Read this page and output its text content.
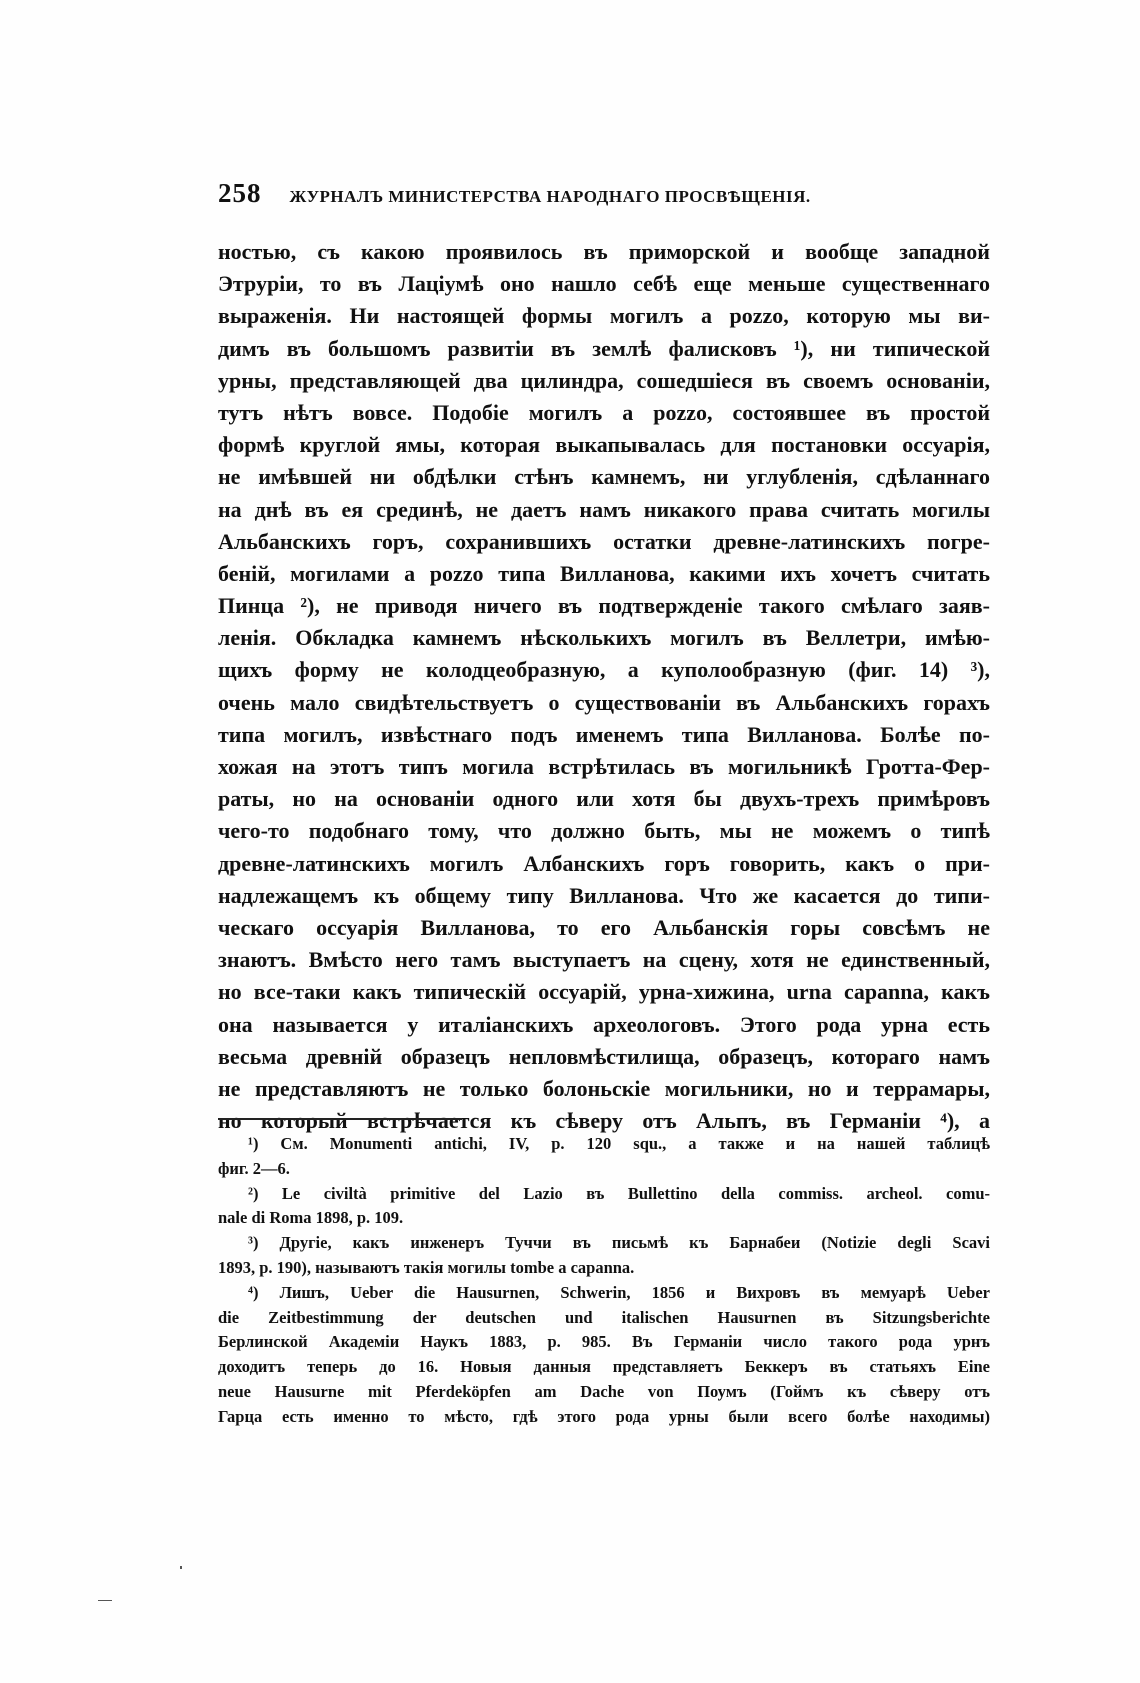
258 ЖУРНАЛЪ МИНИСТЕРСТВА НАРОДНАГО ПРОСВѢЩЕНІЯ.
ностью, съ какою проявилось въ приморской и вообще западной
Этруріи, то въ Лаціумѣ оно нашло себѣ еще меньше существеннаго
выраженія. Ни настоящей формы могилъ a pozzo, которую мы ви-
димъ въ большомъ развитіи въ землѣ фалисковъ ¹), ни типической
урны, представляющей два цилиндра, сошедшіеся въ своемъ основаніи,
тутъ нѣтъ вовсе. Подобіе могилъ a pozzo, состоявшее въ простой
формѣ круглой ямы, которая выкапывалась для постановки оссуарія,
не имѣвшей ни обдѣлки стѣнъ камнемъ, ни углубленія, сдѣланнаго
на днѣ въ ея срединѣ, не даетъ намъ никакого права считать могилы
Альбанскихъ горъ, сохранившихъ остатки древне-латинскихъ погре-
беній, могилами a pozzo типа Вилланова, какими ихъ хочетъ считать
Пинца ²), не приводя ничего въ подтвержденіе такого смѣлаго заяв-
ленія. Обкладка камнемъ нѣсколькихъ могилъ въ Веллетри, имѣю-
щихъ форму не колодцеобразную, а куполообразную (фиг. 14) ³),
очень мало свидѣтельствуетъ о существованіи въ Альбанскихъ горахъ
типа могилъ, извѣстнаго подъ именемъ типа Вилланова. Болѣе по-
хожая на этотъ типъ могила встрѣтилась въ могильникѣ Гротта-Фер-
раты, но на основаніи одного или хотя бы двухъ-трехъ примѣровъ
чего-то подобнаго тому, что должно быть, мы не можемъ о типѣ
древне-латинскихъ могилъ Албанскихъ горъ говорить, какъ о при-
надлежащемъ къ общему типу Вилланова. Что же касается до типи-
ческаго оссуарія Вилланова, то его Альбанскія горы совсѣмъ не
знаютъ. Вмѣсто него тамъ выступаетъ на сцену, хотя не единственный,
но все-таки какъ типическій оссуарій, урна-хижина, urna capanna, какъ
она называется у италіанскихъ археологовъ. Этого рода урна есть
весьма древній образецъ непловмѣстилища, образецъ, котораго намъ
не представляютъ не только болоньскіе могильники, но и террамары,
но который встрѣчается къ сѣверу отъ Альпъ, въ Германіи ⁴), а
¹) См. Monumenti antichi, IV, p. 120 squ., а также и на нашей таблицѣ
фиг. 2—6.
²) Le civiltà primitive del Lazio въ Bullettino della commiss. archeol. comu-
nale di Roma 1898, p. 109.
³) Другіе, какъ инженеръ Туччи въ письмѣ къ Барнабеи (Notizie degli Scavi
1893, p. 190), называютъ такія могилы tombe a capanna.
⁴) Лишъ, Ueber die Hausurnen, Schwerin, 1856 и Вихровъ въ мемуарѣ Ueber
die Zeitbestimmung der deutschen und italischen Hausurnen въ Sitzungsberichte
Берлинской Академіи Наукъ 1883, p. 985. Въ Германіи число такого рода урнъ
доходитъ теперь до 16. Новыя данныя представляетъ Беккеръ въ статьяхъ Eine
neue Hausurne mit Pferdeköpfen am Dache von Поумъ (Гоймъ къ сѣверу отъ
Гарца есть именно то мѣсто, гдѣ этого рода урны были всего болѣе находимы)
